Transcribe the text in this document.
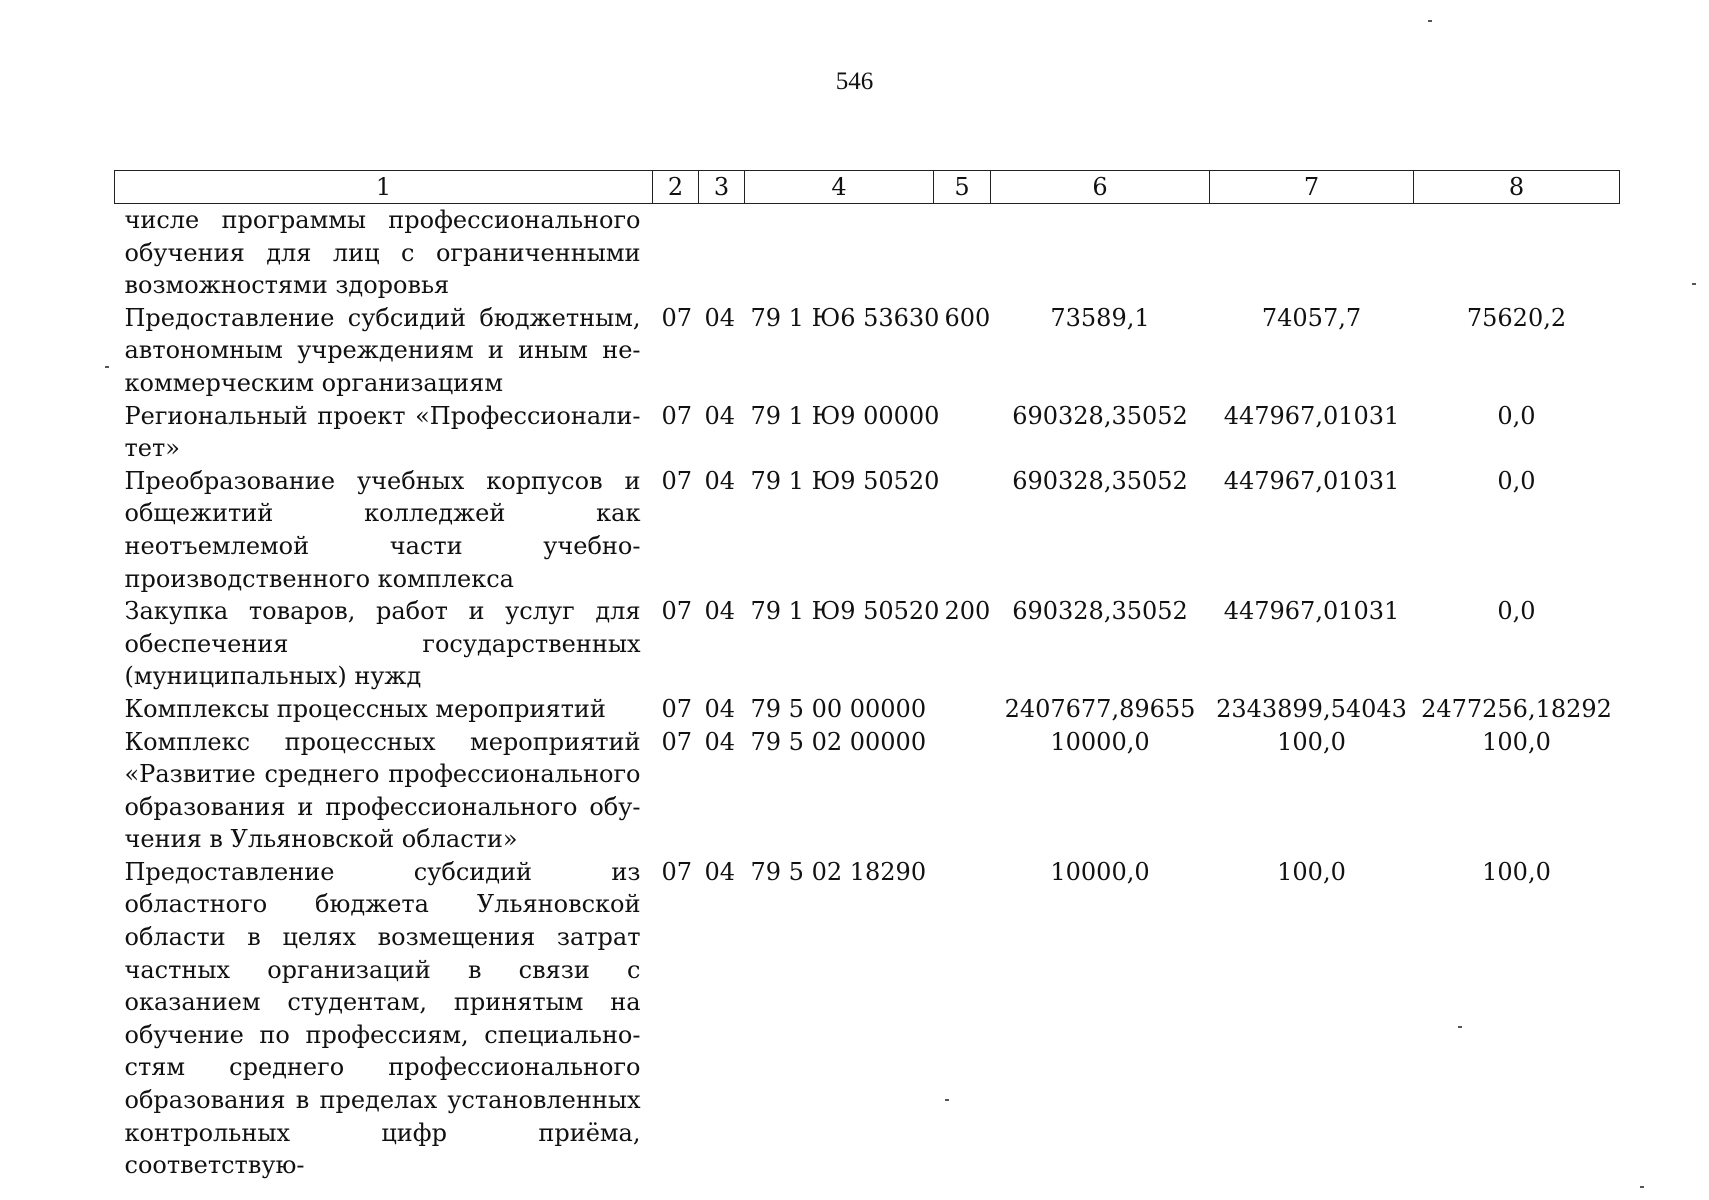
546
1	2	3	4	5	6	7	8
числе программы профессионального обучения для лиц с ограниченными возможностями здоровья							
Предоставление субсидий бюджетным, автономным учреждениям и иным некоммерческим организациям	07	04	79 1 Ю6 53630	600	73589,1	74057,7	75620,2
Региональный проект «Профессионалитет»	07	04	79 1 Ю9 00000		690328,35052	447967,01031	0,0
Преобразование учебных корпусов и общежитий колледжей как неотъемлемой части учебно-производственного комплекса	07	04	79 1 Ю9 50520		690328,35052	447967,01031	0,0
Закупка товаров, работ и услуг для обеспечения государственных (муниципальных) нужд	07	04	79 1 Ю9 50520	200	690328,35052	447967,01031	0,0
Комплексы процессных мероприятий	07	04	79 5 00 00000		2407677,89655	2343899,54043	2477256,18292
Комплекс процессных мероприятий «Развитие среднего профессионального образования и профессионального обучения в Ульяновской области»	07	04	79 5 02 00000		10000,0	100,0	100,0
Предоставление субсидий из областного бюджета Ульяновской области в целях возмещения затрат частных организаций в связи с оказанием студентам, принятым на обучение по профессиям, специальностям среднего профессионального образования в пределах установленных контрольных цифр приёма, соответствую-	07	04	79 5 02 18290		10000,0	100,0	100,0
